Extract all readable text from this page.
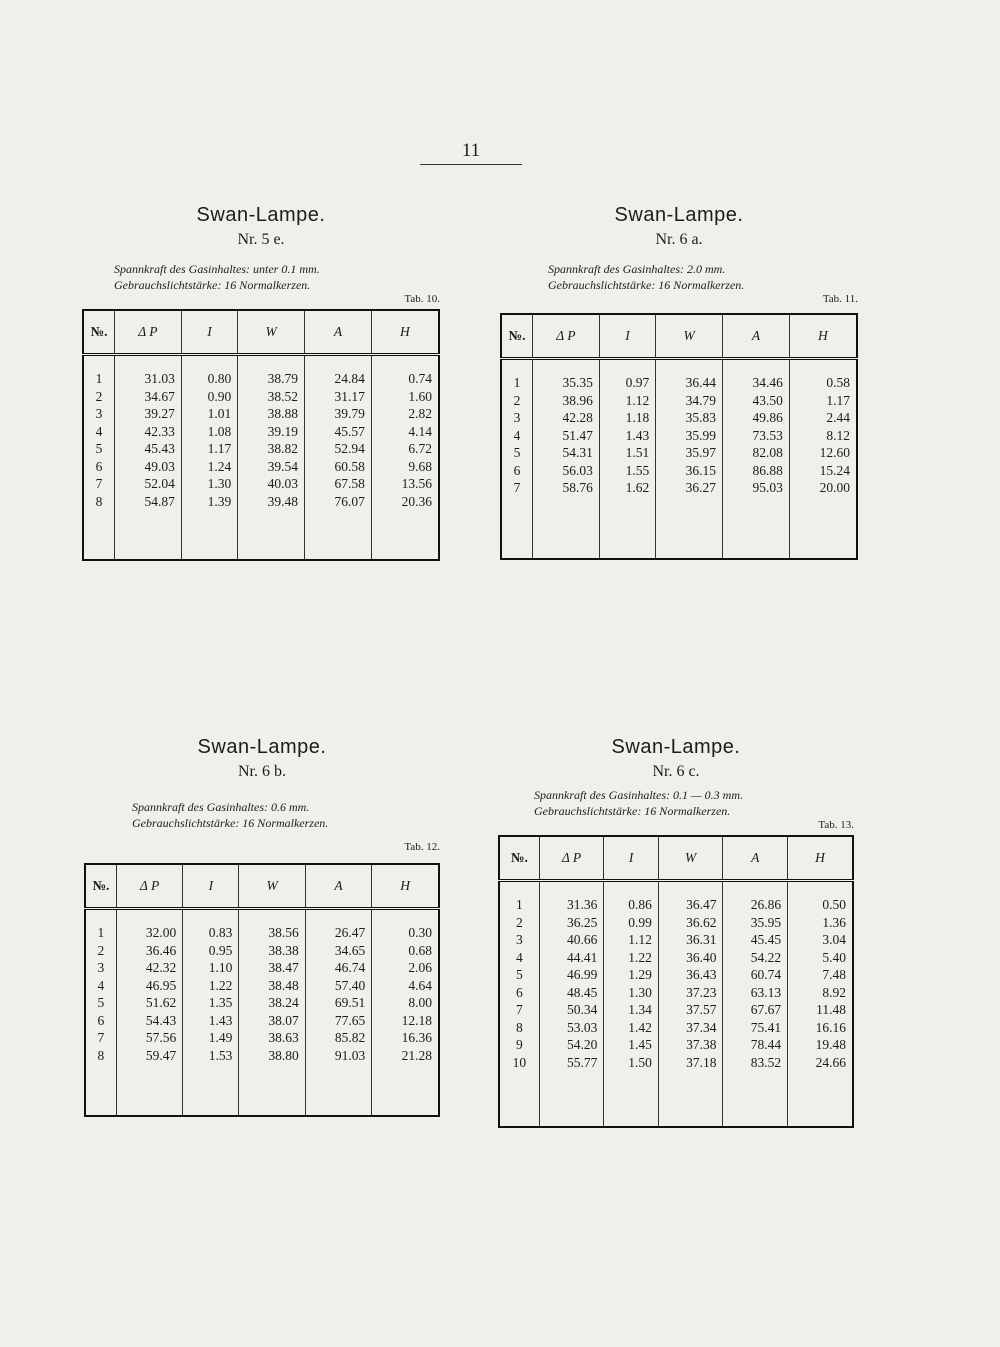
11
Swan-Lampe.
Nr. 5 e.
Spannkraft des Gasinhaltes: unter 0.1 mm.
Gebrauchslichtstärke: 16 Normalkerzen.
Tab. 10.
№.	Δ P	I	W	A	H

1	31.03	0.80	38.79	24.84	0.74
2	34.67	0.90	38.52	31.17	1.60
3	39.27	1.01	38.88	39.79	2.82
4	42.33	1.08	39.19	45.57	4.14
5	45.43	1.17	38.82	52.94	6.72
6	49.03	1.24	39.54	60.58	9.68
7	52.04	1.30	40.03	67.58	13.56
8	54.87	1.39	39.48	76.07	20.36

Swan-Lampe.
Nr. 6 a.
Spannkraft des Gasinhaltes: 2.0 mm.
Gebrauchslichtstärke: 16 Normalkerzen.
Tab. 11.
№.	Δ P	I	W	A	H

1	35.35	0.97	36.44	34.46	0.58
2	38.96	1.12	34.79	43.50	1.17
3	42.28	1.18	35.83	49.86	2.44
4	51.47	1.43	35.99	73.53	8.12
5	54.31	1.51	35.97	82.08	12.60
6	56.03	1.55	36.15	86.88	15.24
7	58.76	1.62	36.27	95.03	20.00

Swan-Lampe.
Nr. 6 b.
Spannkraft des Gasinhaltes: 0.6 mm.
Gebrauchslichtstärke: 16 Normalkerzen.
Tab. 12.
№.	Δ P	I	W	A	H

1	32.00	0.83	38.56	26.47	0.30
2	36.46	0.95	38.38	34.65	0.68
3	42.32	1.10	38.47	46.74	2.06
4	46.95	1.22	38.48	57.40	4.64
5	51.62	1.35	38.24	69.51	8.00
6	54.43	1.43	38.07	77.65	12.18
7	57.56	1.49	38.63	85.82	16.36
8	59.47	1.53	38.80	91.03	21.28

Swan-Lampe.
Nr. 6 c.
Spannkraft des Gasinhaltes: 0.1 — 0.3 mm.
Gebrauchslichtstärke: 16 Normalkerzen.
Tab. 13.
№.	Δ P	I	W	A	H

1	31.36	0.86	36.47	26.86	0.50
2	36.25	0.99	36.62	35.95	1.36
3	40.66	1.12	36.31	45.45	3.04
4	44.41	1.22	36.40	54.22	5.40
5	46.99	1.29	36.43	60.74	7.48
6	48.45	1.30	37.23	63.13	8.92
7	50.34	1.34	37.57	67.67	11.48
8	53.03	1.42	37.34	75.41	16.16
9	54.20	1.45	37.38	78.44	19.48
10	55.77	1.50	37.18	83.52	24.66
